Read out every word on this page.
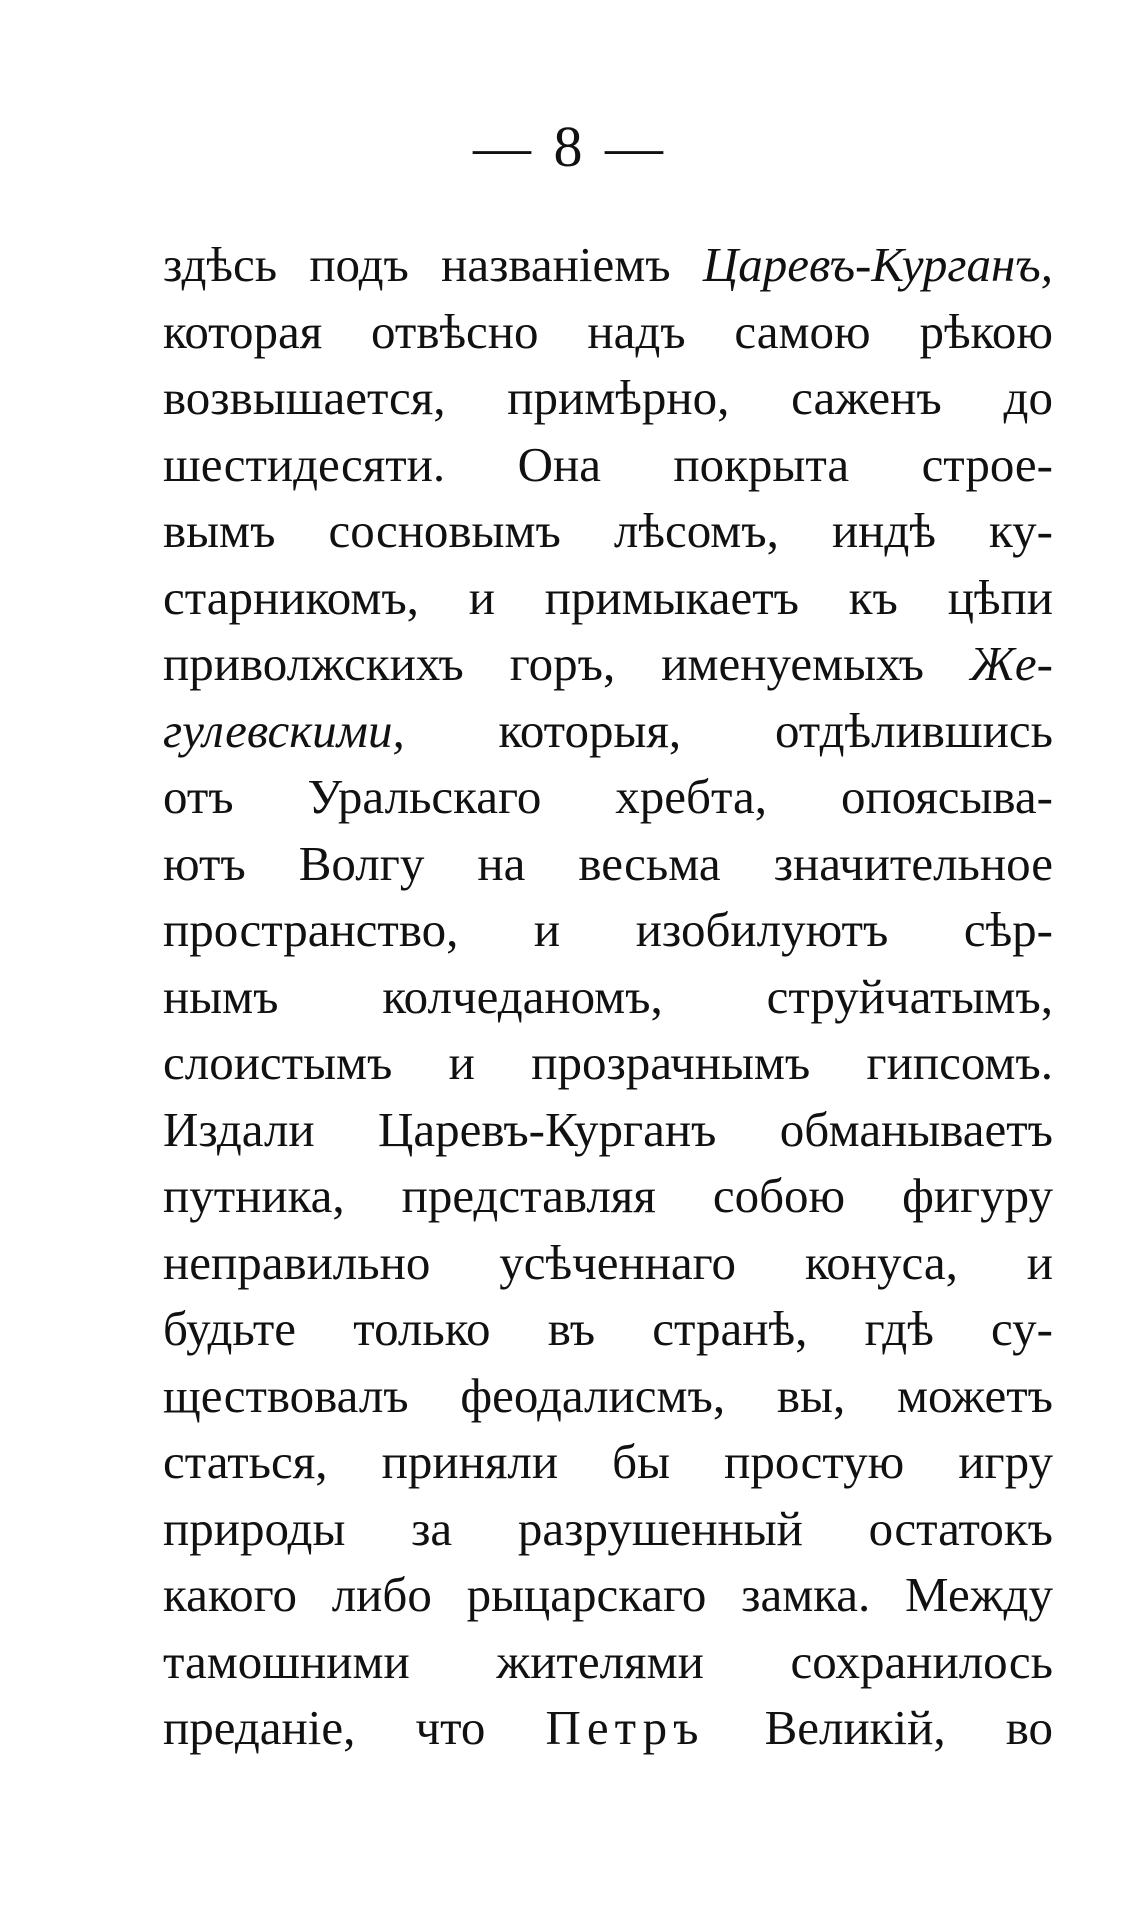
— 8 —
здѣсь подъ названіемъ Царевъ-Курганъ,
которая отвѣсно надъ самою рѣкою
возвышается, примѣрно, саженъ до
шестидесяти. Она покрыта строе-
вымъ сосновымъ лѣсомъ, индѣ ку-
старникомъ, и примыкаетъ къ цѣпи
приволжскихъ горъ, именуемыхъ Же-
гулевскими, которыя, отдѣлившись
отъ Уральскаго хребта, опоясыва-
ютъ Волгу на весьма значительное
пространство, и изобилуютъ сѣр-
нымъ колчеданомъ, струйчатымъ,
слоистымъ и прозрачнымъ гипсомъ.
Издали Царевъ-Курганъ обманываетъ
путника, представляя собою фигуру
неправильно усѣченнаго конуса, и
будьте только въ странѣ, гдѣ су-
ществовалъ феодалисмъ, вы, можетъ
статься, приняли бы простую игру
природы за разрушенный остатокъ
какого либо рыцарскаго замка. Между
тамошними жителями сохранилось
преданіе, что Петръ Великій, во
